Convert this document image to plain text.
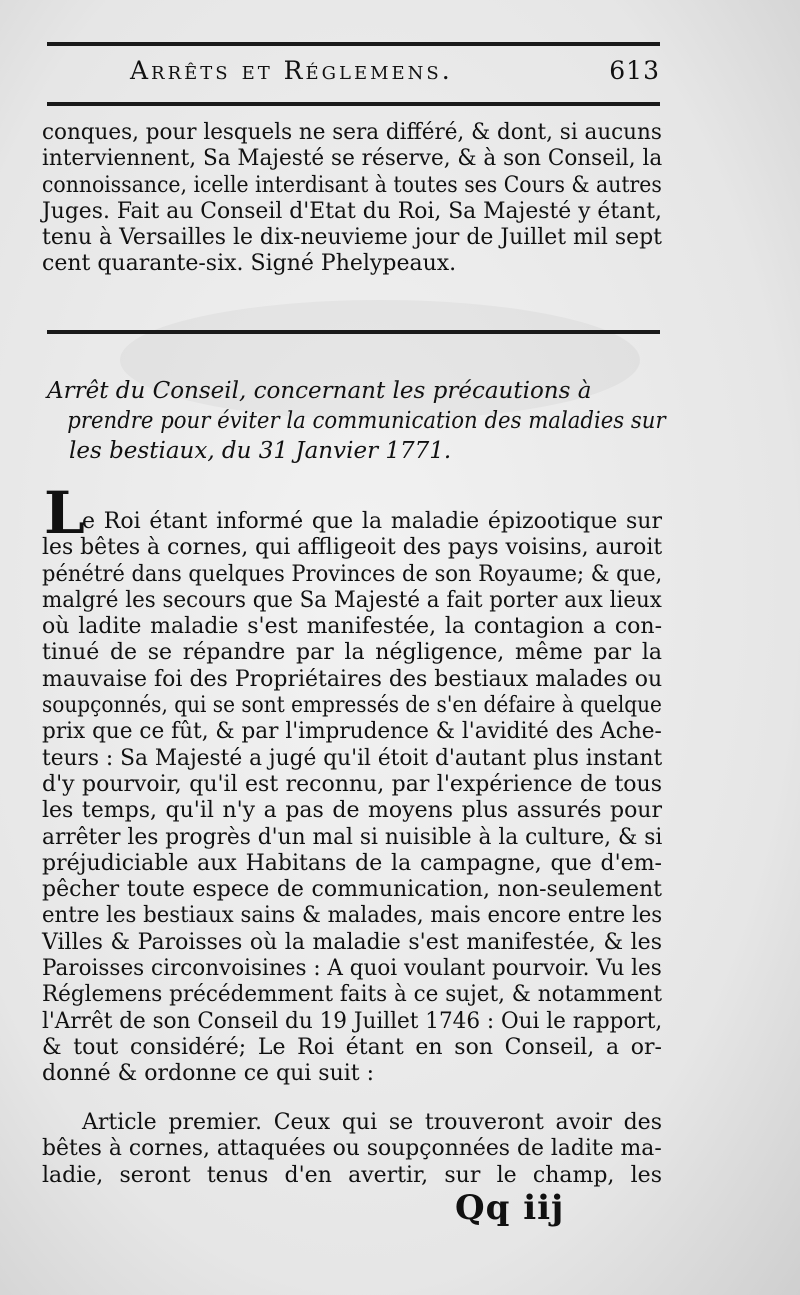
Arrêts et Réglemens.	613
conques, pour lesquels ne sera différé, & dont, si aucuns
interviennent, Sa Majesté se réserve, & à son Conseil, la
connoissance, icelle interdisant à toutes ses Cours & autres
Juges. Fait au Conseil d'Etat du Roi, Sa Majesté y étant,
tenu à Versailles le dix-neuvieme jour de Juillet mil sept
cent quarante-six. Signé Phelypeaux.
Arrêt du Conseil, concernant les précautions à
prendre pour éviter la communication des maladies sur
les bestiaux, du 31 Janvier 1771.
L
e Roi étant informé que la maladie épizootique sur
les bêtes à cornes, qui affligeoit des pays voisins, auroit
pénétré dans quelques Provinces de son Royaume; & que,
malgré les secours que Sa Majesté a fait porter aux lieux
où ladite maladie s'est manifestée, la contagion a con-
tinué de se répandre par la négligence, même par la
mauvaise foi des Propriétaires des bestiaux malades ou
soupçonnés, qui se sont empressés de s'en défaire à quelque
prix que ce fût, & par l'imprudence & l'avidité des Ache-
teurs : Sa Majesté a jugé qu'il étoit d'autant plus instant
d'y pourvoir, qu'il est reconnu, par l'expérience de tous
les temps, qu'il n'y a pas de moyens plus assurés pour
arrêter les progrès d'un mal si nuisible à la culture, & si
préjudiciable aux Habitans de la campagne, que d'em-
pêcher toute espece de communication, non-seulement
entre les bestiaux sains & malades, mais encore entre les
Villes & Paroisses où la maladie s'est manifestée, & les
Paroisses circonvoisines : A quoi voulant pourvoir. Vu les
Réglemens précédemment faits à ce sujet, & notamment
l'Arrêt de son Conseil du 19 Juillet 1746 : Oui le rapport,
& tout considéré; Le Roi étant en son Conseil, a or-
donné & ordonne ce qui suit :
Article premier. Ceux qui se trouveront avoir des
bêtes à cornes, attaquées ou soupçonnées de ladite ma-
ladie, seront tenus d'en avertir, sur le champ, les
Qq iij
